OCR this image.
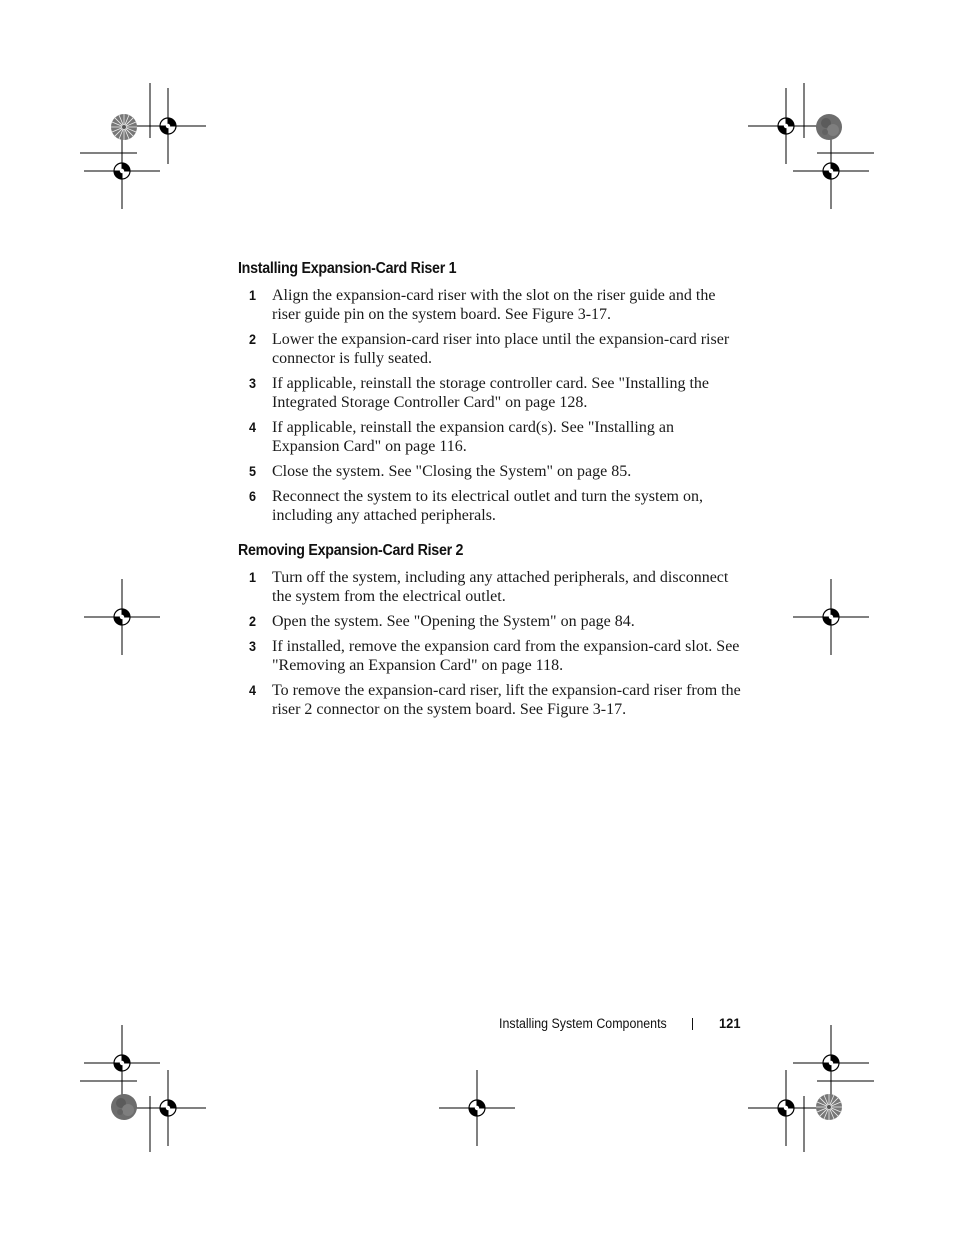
Installing Expansion-Card Riser 1
1 Align the expansion-card riser with the slot on the riser guide and the riser guide pin on the system board. See Figure 3-17.
2 Lower the expansion-card riser into place until the expansion-card riser connector is fully seated.
3 If applicable, reinstall the storage controller card. See "Installing the Integrated Storage Controller Card" on page 128.
4 If applicable, reinstall the expansion card(s). See "Installing an Expansion Card" on page 116.
5 Close the system. See "Closing the System" on page 85.
6 Reconnect the system to its electrical outlet and turn the system on, including any attached peripherals.
Removing Expansion-Card Riser 2
1 Turn off the system, including any attached peripherals, and disconnect the system from the electrical outlet.
2 Open the system. See "Opening the System" on page 84.
3 If installed, remove the expansion card from the expansion-card slot. See "Removing an Expansion Card" on page 118.
4 To remove the expansion-card riser, lift the expansion-card riser from the riser 2 connector on the system board. See Figure 3-17.
Installing System Components	121
